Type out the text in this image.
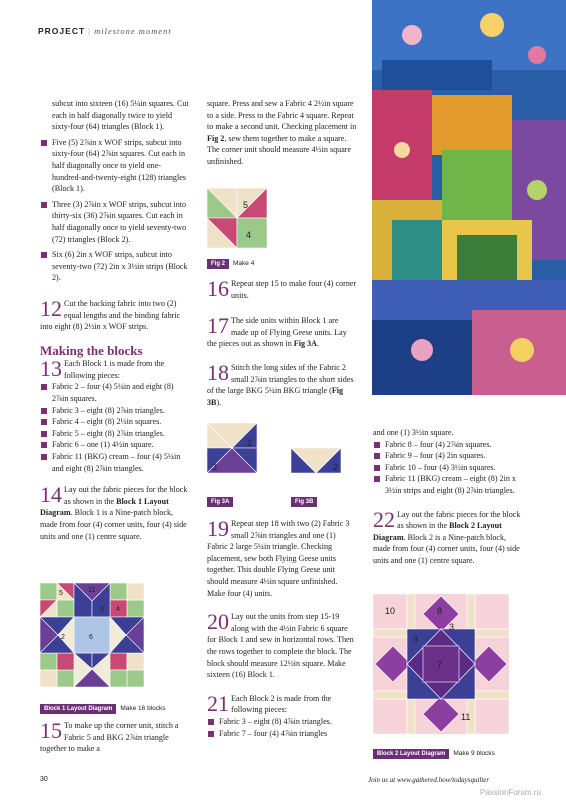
PROJECT | milestone moment

subcut into sixteen (16) 5¼in squares. Cut each in half diagonally twice to yield sixty-four (64) triangles (Block 1).

Five (5) 2⅞in x WOF strips, subcut into sixty-four (64) 2⅞in squares. Cut each in half diagonally once to yield one-hundred-and-twenty-eight (128) triangles (Block 1).

Three (3) 2⅞in x WOF strips, subcut into thirty-six (36) 2⅞in squares. Cut each in half diagonally once to yield seventy-two (72) triangles (Block 2).

Six (6) 2in x WOF strips, subcut into seventy-two (72) 2in x 3½in strips (Block 2).

12 Cut the backing fabric into two (2) equal lengths and the binding fabric into eight (8) 2½in x WOF strips.
Making the blocks
13 Each Block 1 is made from the following pieces:

Fabric 2 – four (4) 5¼in and eight (8) 2⅞in squares.

Fabric 3 – eight (8) 2⅞in triangles.

Fabric 4 – eight (8) 2½in squares.

Fabric 5 – eight (8) 2⅞in triangles.

Fabric 6 – one (1) 4½in square.

Fabric 11 (BKG) cream – four (4) 5¼in and eight (8) 2⅞in triangles.

14 Lay out the fabric pieces for the block as shown in the Block 1 Layout Diagram. Block 1 is a Nine-patch block, made from four (4) corner units, four (4) side units and one (1) centre square.
5	11
3 4
2	6
Block 1 Layout Diagram Make 16 blocks
15 To make up the corner unit, stitch a Fabric 5 and BKG 2⅞in triangle together to make a

square. Press and sew a Fabric 4 2½in square to a side. Press to the Fabric 4 square. Repeat to make a second unit. Checking placement in Fig 2, sew them together to make a square. The corner unit should measure 4½in square unfinished.

5
4
Fig 2 Make 4
16 Repeat step 15 to make four (4) corner units.
17 The side units within Block 1 are made up of Flying Geese units. Lay the pieces out as shown in Fig 3A.
18 Stitch the long sides of the Fabric 2 small 2⅞in triangles to the short sides of the large BKG 5¼in BKG triangle (Fig 3B).
2
3	2
Fig 3A	Fig 3B
19 Repeat step 18 with two (2) Fabric 3 small 2⅞in triangles and one (1) Fabric 2 large 5¼in triangle. Checking placement, sew both Flying Geese units together. This double Flying Geese unit should measure 4½in square unfinished. Make four (4) units.
20 Lay out the units from step 15-19 along with the 4½in Fabric 6 square for Block 1 and sew in horizontal rows. Then the rows together to complete the block. The block should measure 12½in square. Make sixteen (16) Block 1.
21 Each Block 2 is made from the following pieces:

Fabric 3 – eight (8) 4⅞in triangles.

Fabric 7 – four (4) 4⅞in triangles

and one (1) 3½in square.

Fabric 8 – four (4) 2⅞in squares.

Fabric 9 – four (4) 2in squares.

Fabric 10 – four (4) 3½in squares.

Fabric 11 (BKG) cream – eight (8) 2in x 3½in strips and eight (8) 2⅞in triangles.

22 Lay out the fabric pieces for the block as shown in the Block 2 Layout Diagram. Block 2 is a Nine-patch block, made from four (4) corner units, four (4) side units and one (1) centre square.
10	8
3
9
7
11
Block 2 Layout Diagram Make 9 blocks
30	Join us at www.gathered.how/todaysquilter
PassionForum.ru
